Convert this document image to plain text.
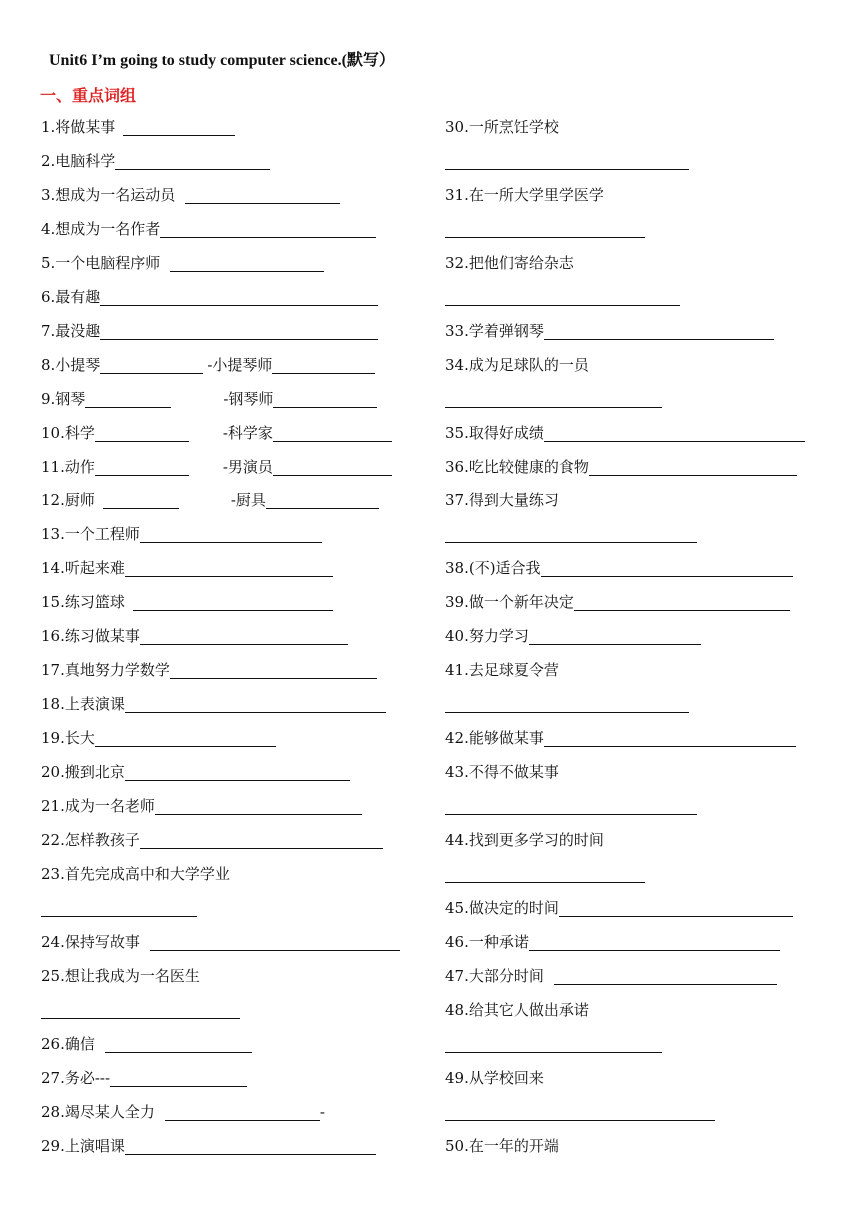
Unit6 I’m going to study computer science.(默写）
一、重点词组
1.将做某事
2.电脑科学
3.想成为一名运动员
4.想成为一名作者
5.一个电脑程序师
6.最有趣
7.最没趣
8.小提琴	-小提琴师
9.钢琴	-钢琴师
10.科学	-科学家
11.动作	-男演员
12.厨师	-厨具
13.一个工程师
14.听起来难
15.练习篮球
16.练习做某事
17.真地努力学数学
18.上表演课
19.长大
20.搬到北京
21.成为一名老师
22.怎样教孩子
23.首先完成高中和大学学业
24.保持写故事
25.想让我成为一名医生
26.确信
27.务必---
28.竭尽某人全力	-
29.上演唱课
30.一所烹饪学校
31.在一所大学里学医学
32.把他们寄给杂志
33.学着弹钢琴
34.成为足球队的一员
35.取得好成绩
36.吃比较健康的食物
37.得到大量练习
38.(不)适合我
39.做一个新年决定
40.努力学习
41.去足球夏令营
42.能够做某事
43.不得不做某事
44.找到更多学习的时间
45.做决定的时间
46.一种承诺
47.大部分时间
48.给其它人做出承诺
49.从学校回来
50.在一年的开端
